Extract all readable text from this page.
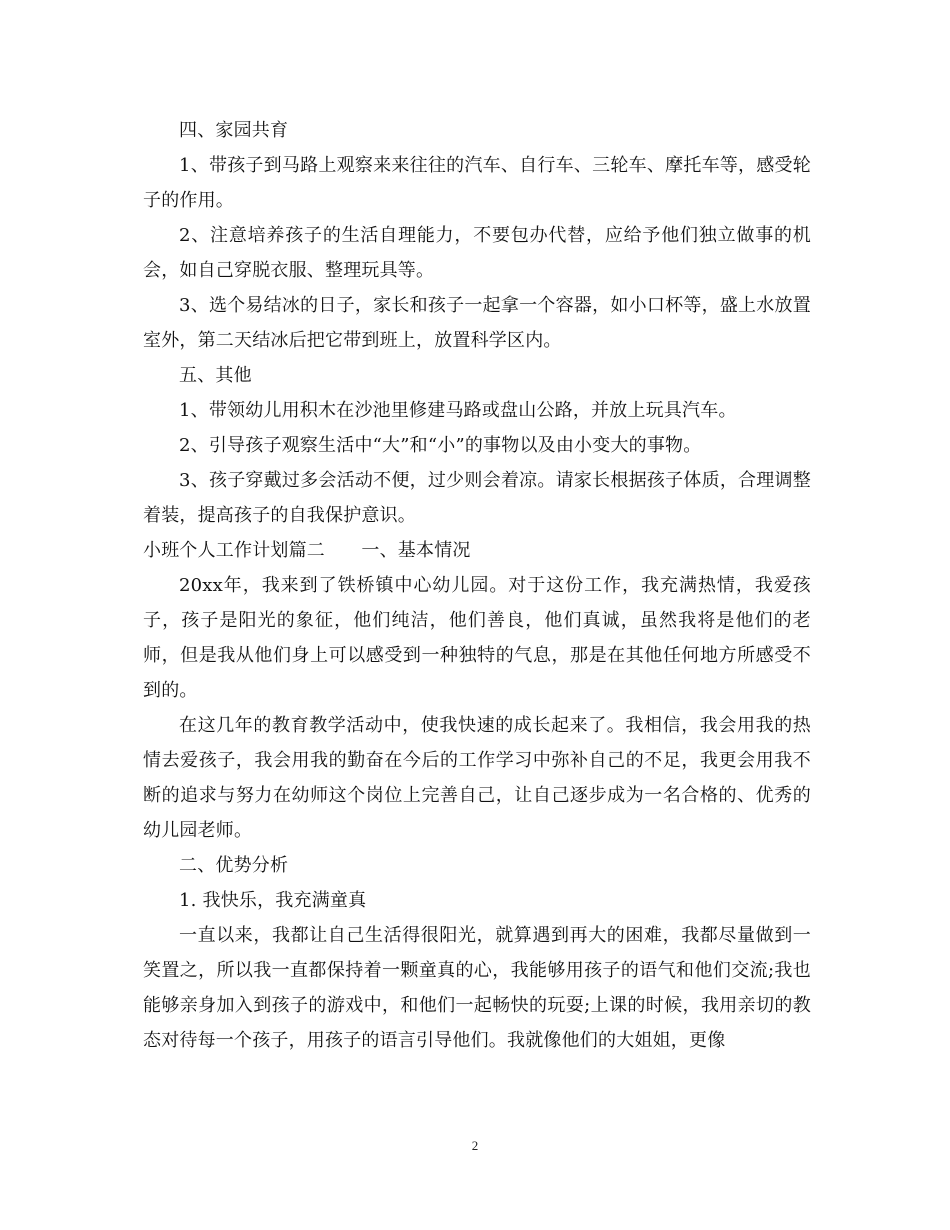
四、家园共育

1、带孩子到马路上观察来来往往的汽车、自行车、三轮车、摩托车等，感受轮子的作用。

2、注意培养孩子的生活自理能力，不要包办代替，应给予他们独立做事的机会，如自己穿脱衣服、整理玩具等。

3、选个易结冰的日子，家长和孩子一起拿一个容器，如小口杯等，盛上水放置室外，第二天结冰后把它带到班上，放置科学区内。

五、其他

1、带领幼儿用积木在沙池里修建马路或盘山公路，并放上玩具汽车。

2、引导孩子观察生活中“大”和“小”的事物以及由小变大的事物。

3、孩子穿戴过多会活动不便，过少则会着凉。请家长根据孩子体质，合理调整着装，提高孩子的自我保护意识。

小班个人工作计划篇二　　一、基本情况

20xx年，我来到了铁桥镇中心幼儿园。对于这份工作，我充满热情，我爱孩子，孩子是阳光的象征，他们纯洁，他们善良，他们真诚，虽然我将是他们的老师，但是我从他们身上可以感受到一种独特的气息，那是在其他任何地方所感受不到的。

在这几年的教育教学活动中，使我快速的成长起来了。我相信，我会用我的热情去爱孩子，我会用我的勤奋在今后的工作学习中弥补自己的不足，我更会用我不断的追求与努力在幼师这个岗位上完善自己，让自己逐步成为一名合格的、优秀的幼儿园老师。

二、优势分析

1. 我快乐，我充满童真

一直以来，我都让自己生活得很阳光，就算遇到再大的困难，我都尽量做到一笑置之，所以我一直都保持着一颗童真的心，我能够用孩子的语气和他们交流;我也能够亲身加入到孩子的游戏中，和他们一起畅快的玩耍;上课的时候，我用亲切的教态对待每一个孩子，用孩子的语言引导他们。我就像他们的大姐姐，更像

2
